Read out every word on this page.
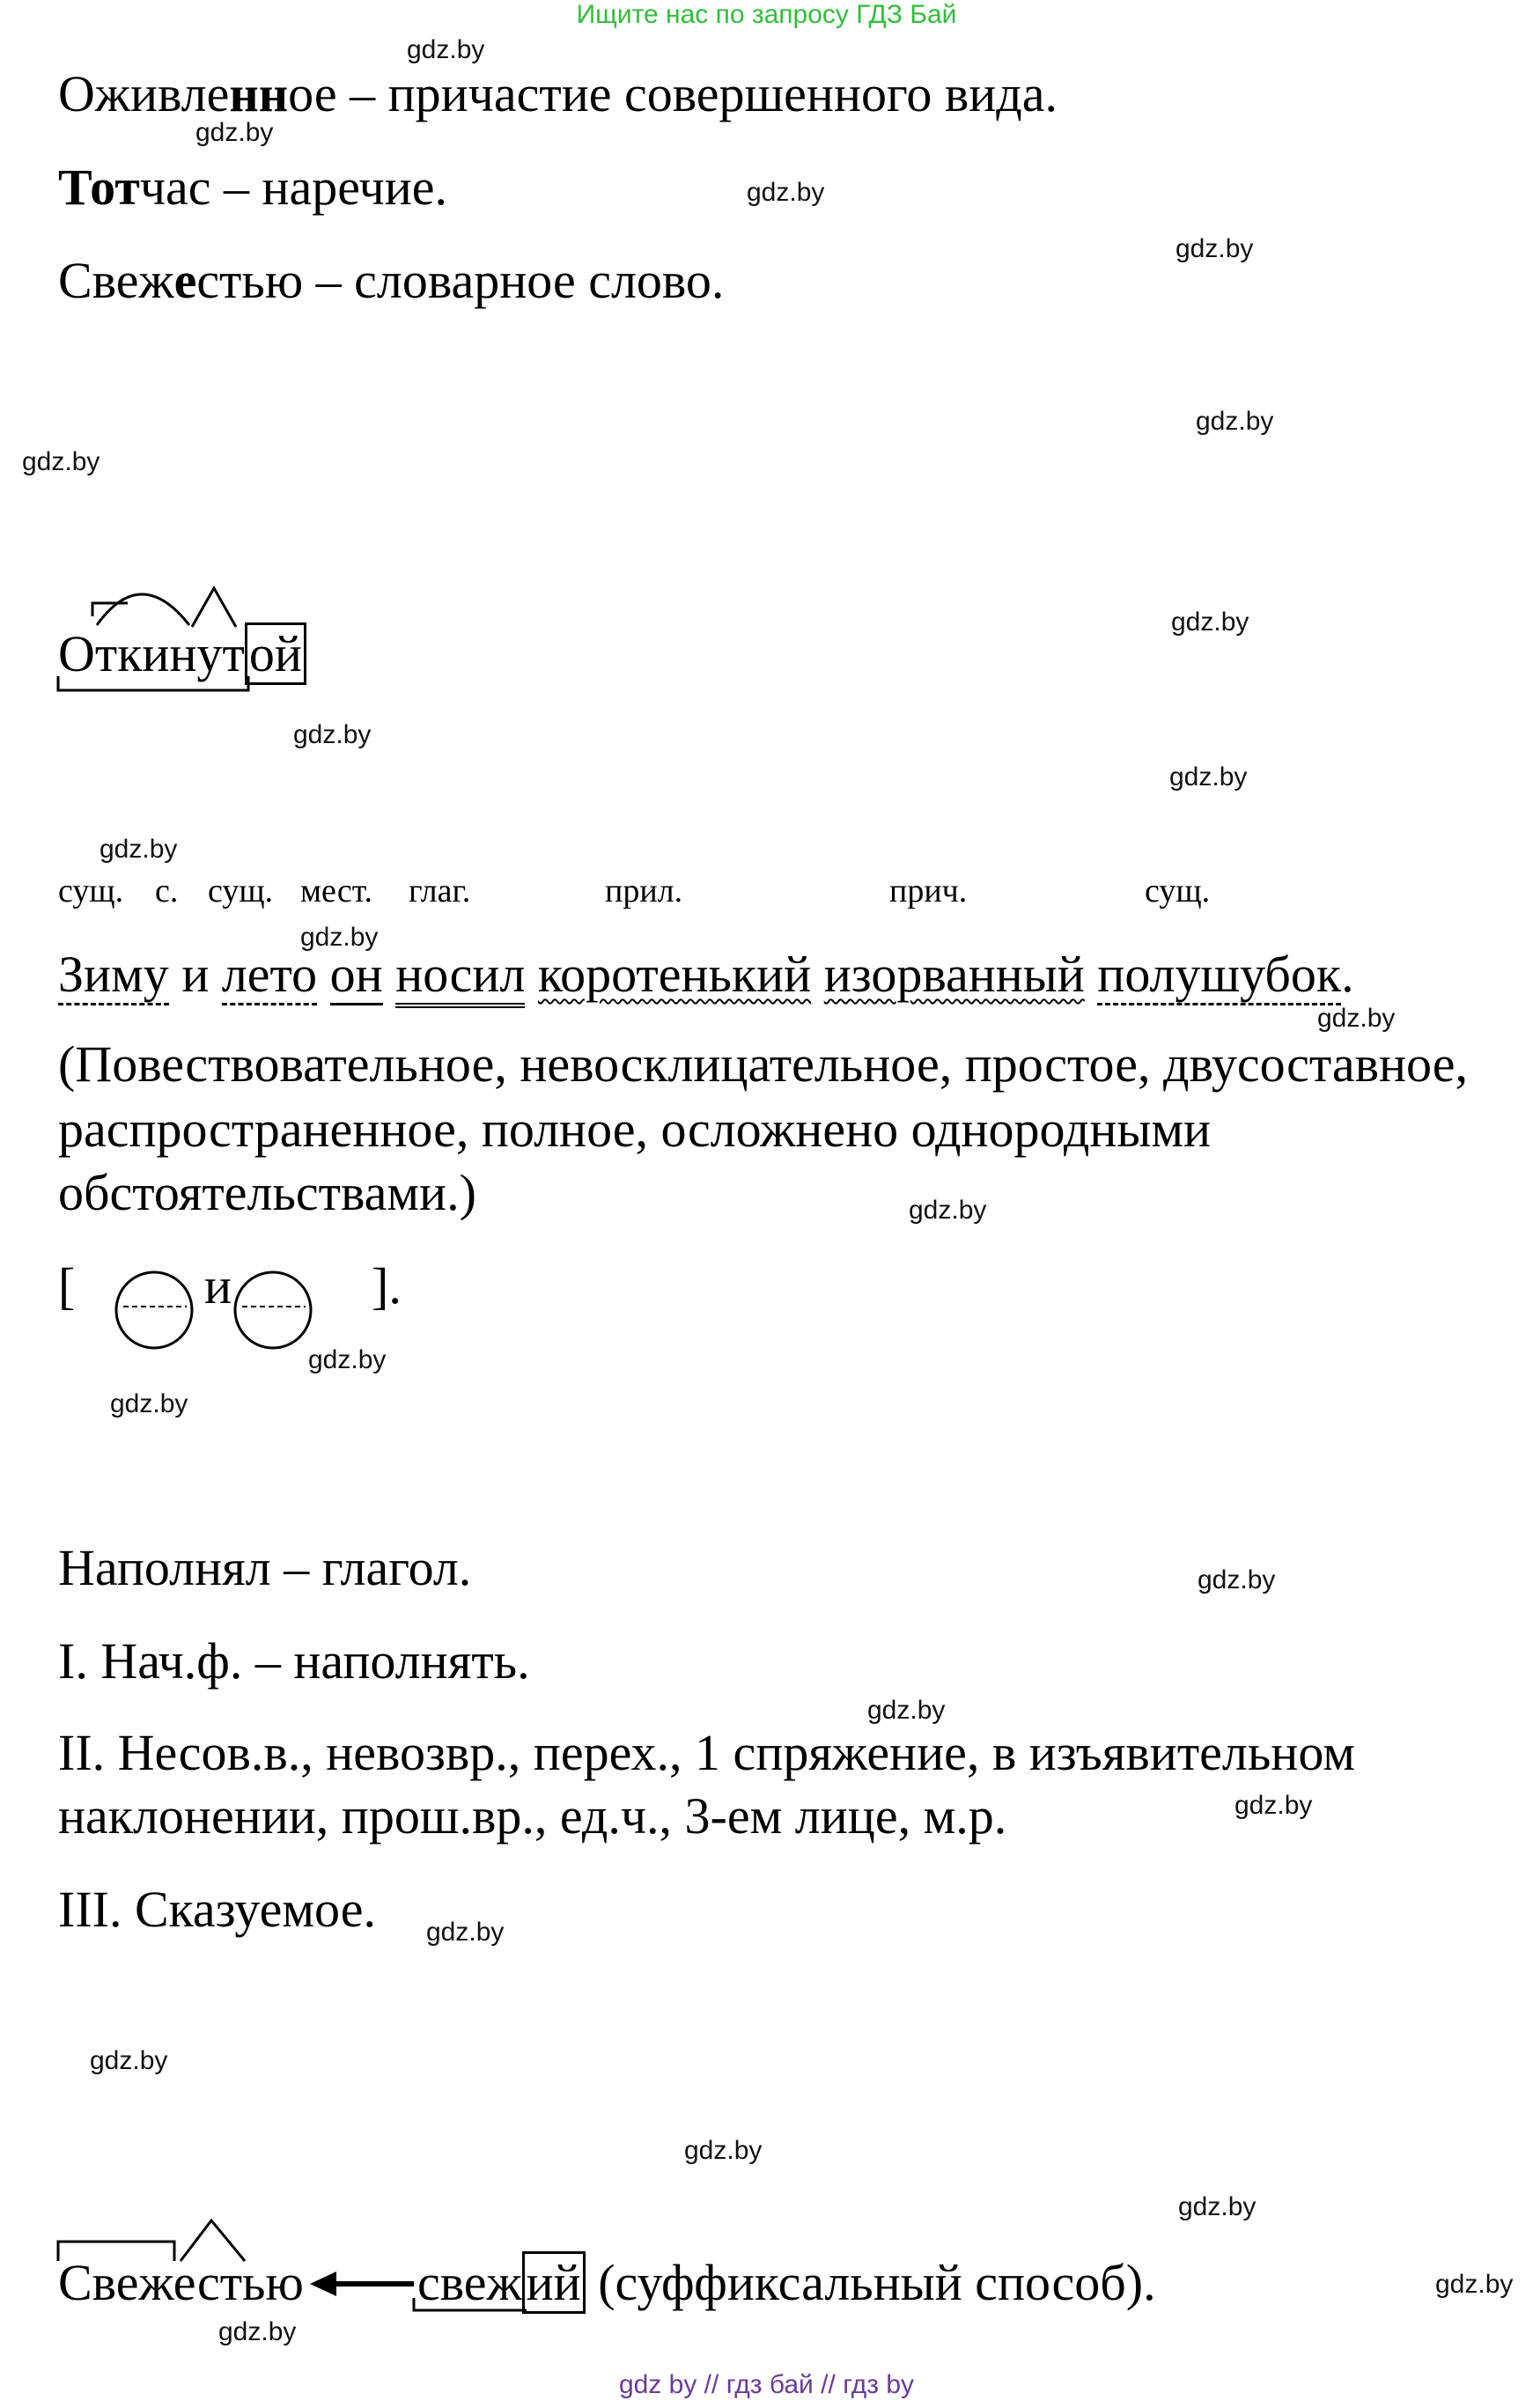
Ищите нас по запросу ГДЗ Бай
gdz.by
gdz.by
gdz.by
gdz.by
gdz.by
gdz.by
gdz.by
gdz.by
gdz.by
gdz.by
gdz.by
gdz.by
gdz.by
gdz.by
gdz.by
gdz.by
gdz.by
gdz.by
gdz.by
gdz.by
gdz.by
gdz.by
gdz.by
gdz.by
Оживленное – причастие совершенного вида.
Тотчас – наречие.
Свежестью – словарное слово.
Откинутой
сущ. с. сущ. мест. глаг.	прил.	прич.	сущ.
Зиму и лето он носил коротенький изорванный полушубок.
(Повествовательное, невосклицательное, простое, двусоставное,
распространенное, полное, осложнено однородными
обстоятельствами.)
[	и	].
Наполнял – глагол.
I. Нач.ф. – наполнять.
II. Несов.в., невозвр., перех., 1 спряжение, в изъявительном
наклонении, прош.вр., ед.ч., 3-ем лице, м.р.
III. Сказуемое.
Свежестью свежий (суффиксальный способ).
gdz by // гдз бай // гдз by
